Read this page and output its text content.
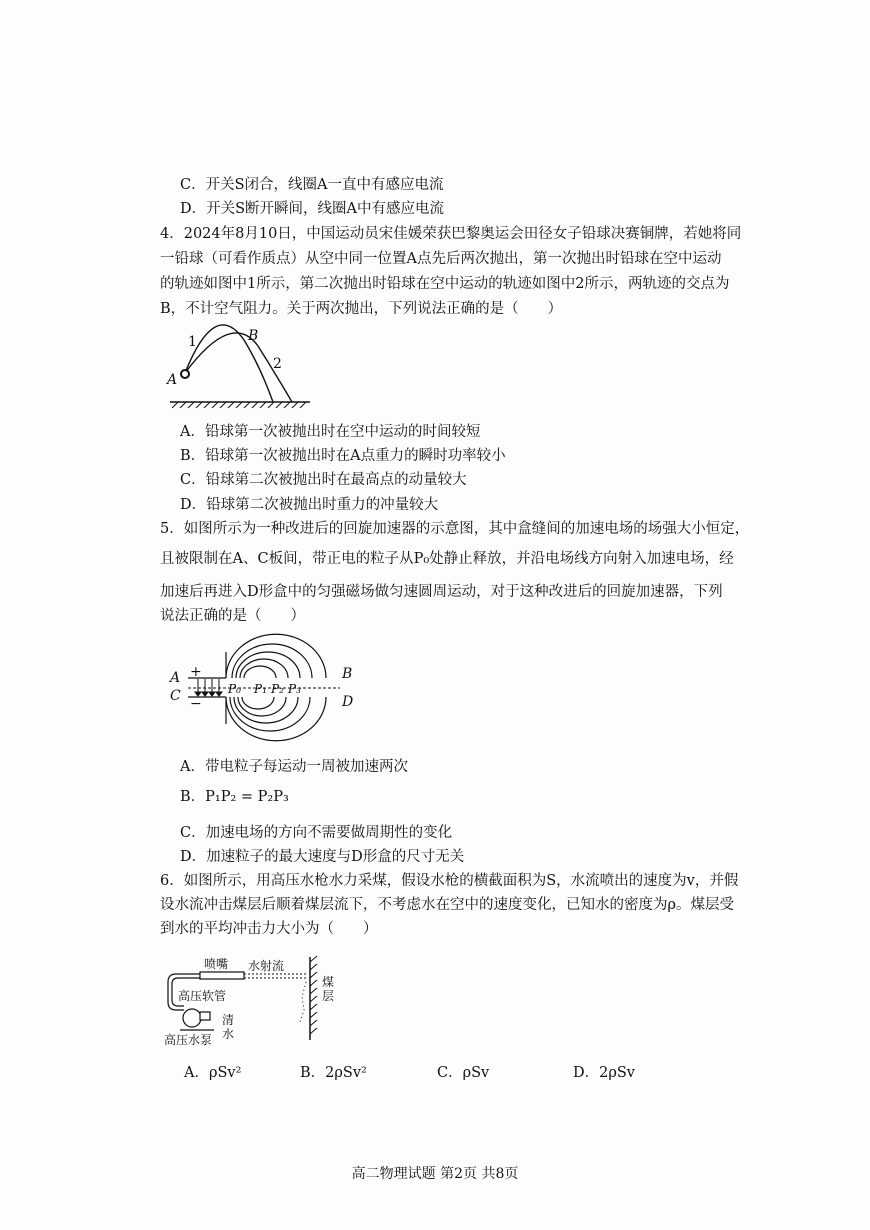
C．开关S闭合，线圈A一直中有感应电流
D．开关S断开瞬间，线圈A中有感应电流
4．2024年8月10日，中国运动员宋佳媛荣获巴黎奥运会田径女子铅球决赛铜牌，若她将同
一铅球（可看作质点）从空中同一位置A点先后两次抛出，第一次抛出时铅球在空中运动
的轨迹如图中1所示，第二次抛出时铅球在空中运动的轨迹如图中2所示，两轨迹的交点为
B，不计空气阻力。关于两次抛出，下列说法正确的是（　　）
A
B
1
2
A．铅球第一次被抛出时在空中运动的时间较短
B．铅球第一次被抛出时在A点重力的瞬时功率较小
C．铅球第二次被抛出时在最高点的动量较大
D．铅球第二次被抛出时重力的冲量较大
5．如图所示为一种改进后的回旋加速器的示意图，其中盒缝间的加速电场的场强大小恒定，
且被限制在A、C板间，带正电的粒子从P₀处静止释放，并沿电场线方向射入加速电场，经
加速后再进入D形盒中的匀强磁场做匀速圆周运动，对于这种改进后的回旋加速器，下列
说法正确的是（　　）
A
C
+
−
B
D
P₀ P₁ P₂ P₃
A．带电粒子每运动一周被加速两次
B．P₁P₂ = P₂P₃
C．加速电场的方向不需要做周期性的变化
D．加速粒子的最大速度与D形盒的尺寸无关
6．如图所示，用高压水枪水力采煤，假设水枪的横截面积为S，水流喷出的速度为v，并假
设水流冲击煤层后顺着煤层流下，不考虑水在空中的速度变化，已知水的密度为ρ。煤层受
到水的平均冲击力大小为（　　）
喷嘴 水射流
高压软管
高压水泵
清
水
煤
层
A．ρSv²	B．2ρSv²	C．ρSv	D．2ρSv
高二物理试题 第2页 共8页
